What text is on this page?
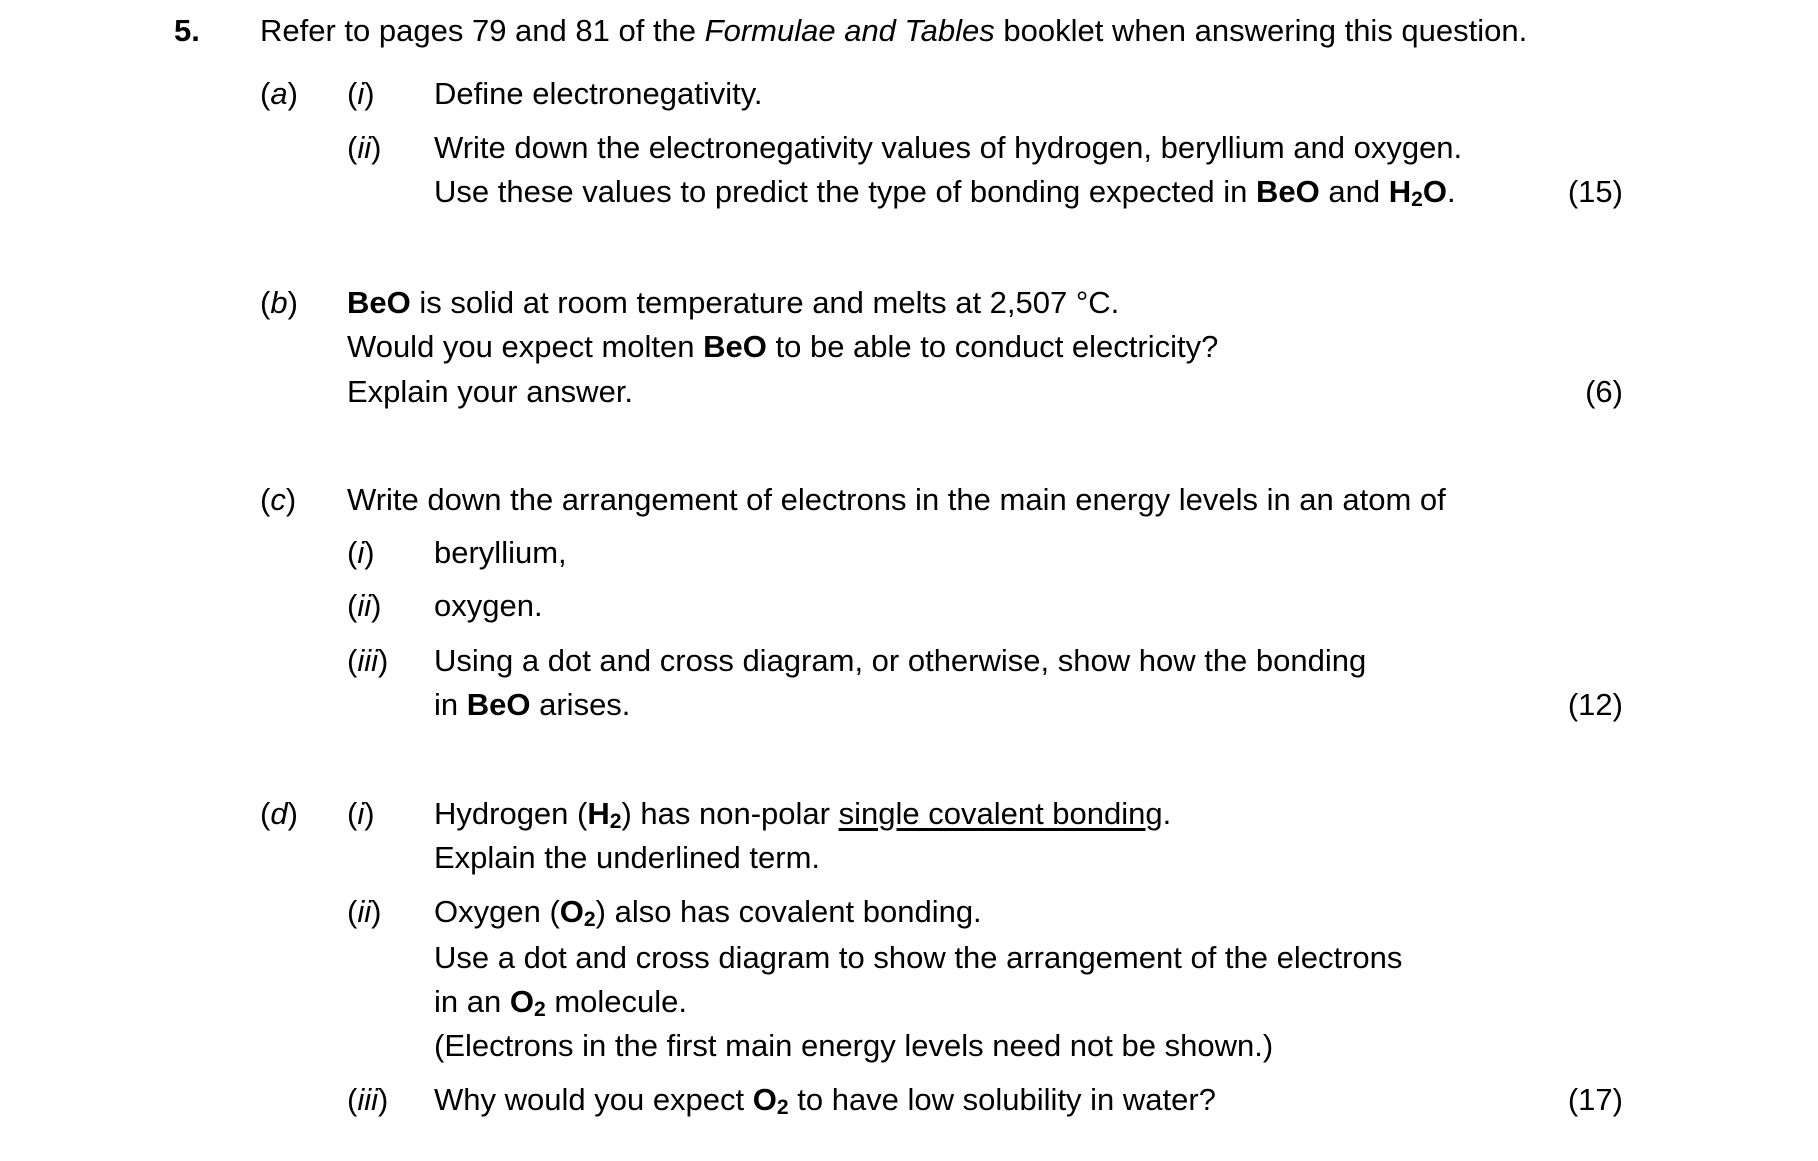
5. Refer to pages 79 and 81 of the Formulae and Tables booklet when answering this question.
(a) (i) Define electronegativity.
(ii) Write down the electronegativity values of hydrogen, beryllium and oxygen.
Use these values to predict the type of bonding expected in BeO and $H_2O$.	(15)
(b) BeO is solid at room temperature and melts at 2,507 °C.
Would you expect molten BeO to be able to conduct electricity?
Explain your answer.	(6)
(c) Write down the arrangement of electrons in the main energy levels in an atom of
(i) beryllium,
(ii) oxygen.
(iii) Using a dot and cross diagram, or otherwise, show how the bonding
in BeO arises.	(12)
(d) (i) Hydrogen $(H_2)$ has non-polar single covalent bonding.
Explain the underlined term.
(ii) Oxygen $(O_2)$ also has covalent bonding.
Use a dot and cross diagram to show the arrangement of the electrons
in an $O_2$ molecule.
(Electrons in the first main energy levels need not be shown.)
(iii) Why would you expect $O_2$ to have low solubility in water?	(17)
